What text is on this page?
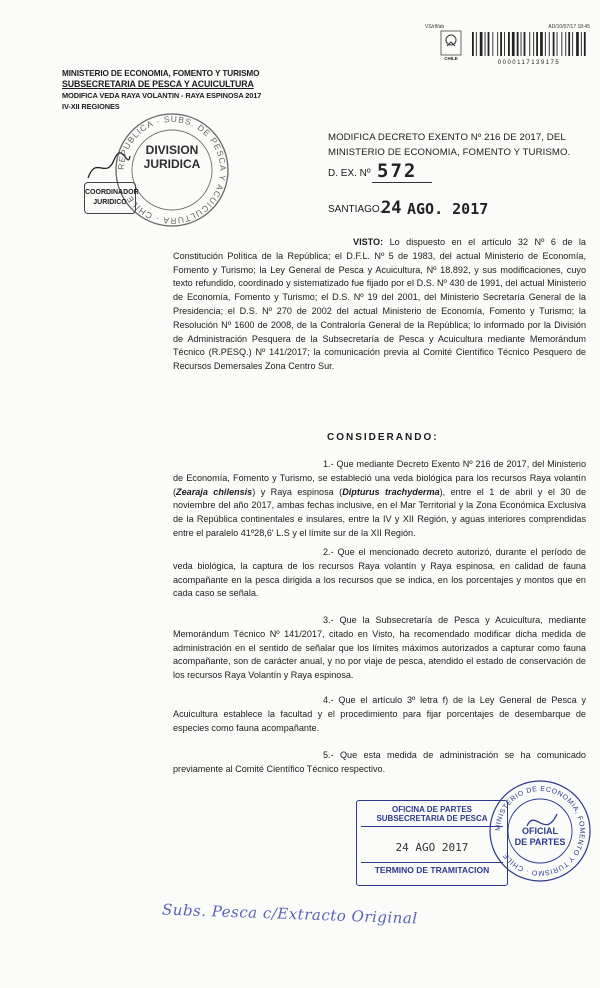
VS/rlf/ab	AD/10/07/17 18:45
CHILE
0000117139175
MINISTERIO DE ECONOMIA, FOMENTO Y TURISMO
SUBSECRETARIA DE PESCA Y ACUICULTURA
MODIFICA VEDA RAYA VOLANTIN - RAYA ESPINOSA 2017
IV-XII REGIONES
REPUBLICA · SUBS. DE PESCA Y ACUICULTURA · CHILE
DIVISION
JURIDICA
COORDINADOR
JURIDICO
MODIFICA DECRETO EXENTO Nº 216 DE 2017, DEL
MINISTERIO DE ECONOMIA, FOMENTO Y TURISMO.
D. EX. Nº 572
SANTIAGO,
24 AGO. 2017

VISTO: Lo dispuesto en el artículo 32 Nº 6 de la Constitución Política de la República; el D.F.L. Nº 5 de 1983, del actual Ministerio de Economía, Fomento y Turismo; la Ley General de Pesca y Acuicultura, Nº 18.892, y sus modificaciones, cuyo texto refundido, coordinado y sistematizado fue fijado por el D.S. Nº 430 de 1991, del actual Ministerio de Economía, Fomento y Turismo; el D.S. Nº 19 del 2001, del Ministerio Secretaría General de la Presidencia; el D.S. Nº 270 de 2002 del actual Ministerio de Economía, Fomento y Turismo; la Resolución Nº 1600 de 2008, de la Contraloría General de la República; lo informado por la División de Administración Pesquera de la Subsecretaría de Pesca y Acuicultura mediante Memorándum Técnico (R.PESQ.) Nº 141/2017; la comunicación previa al Comité Científico Técnico Pesquero de Recursos Demersales Zona Centro Sur.

CONSIDERANDO:

1.- Que mediante Decreto Exento Nº 216 de 2017, del Ministerio de Economía, Fomento y Turismo, se estableció una veda biológica para los recursos Raya volantín (Zearaja chilensis) y Raya espinosa (Dipturus trachyderma), entre el 1 de abril y el 30 de noviembre del año 2017, ambas fechas inclusive, en el Mar Territorial y la Zona Económica Exclusiva de la República continentales e insulares, entre la IV y XII Región, y aguas interiores comprendidas entre el paralelo 41º28,6' L.S y el límite sur de la XII Región.

2.- Que el mencionado decreto autorizó, durante el período de veda biológica, la captura de los recursos Raya volantín y Raya espinosa, en calidad de fauna acompañante en la pesca dirigida a los recursos que se indica, en los porcentajes y montos que en cada caso se señala.

3.- Que la Subsecretaría de Pesca y Acuicultura, mediante Memorándum Técnico Nº 141/2017, citado en Visto, ha recomendado modificar dicha medida de administración en el sentido de señalar que los límites máximos autorizados a capturar como fauna acompañante, son de carácter anual, y no por viaje de pesca, atendido el estado de conservación de los recursos Raya Volantín y Raya espinosa.

4.- Que el artículo 3º letra f) de la Ley General de Pesca y Acuicultura establece la facultad y el procedimiento para fijar porcentajes de desembarque de especies como fauna acompañante.

5.- Que esta medida de administración se ha comunicado previamente al Comité Científico Técnico respectivo.

OFICINA DE PARTES
SUBSECRETARIA DE PESCA
24 AGO 2017
TERMINO DE TRAMITACION
MINISTERIO DE ECONOMIA, FOMENTO Y TURISMO · CHILE
OFICIAL
DE PARTES
Subs. Pesca c/Extracto Original
